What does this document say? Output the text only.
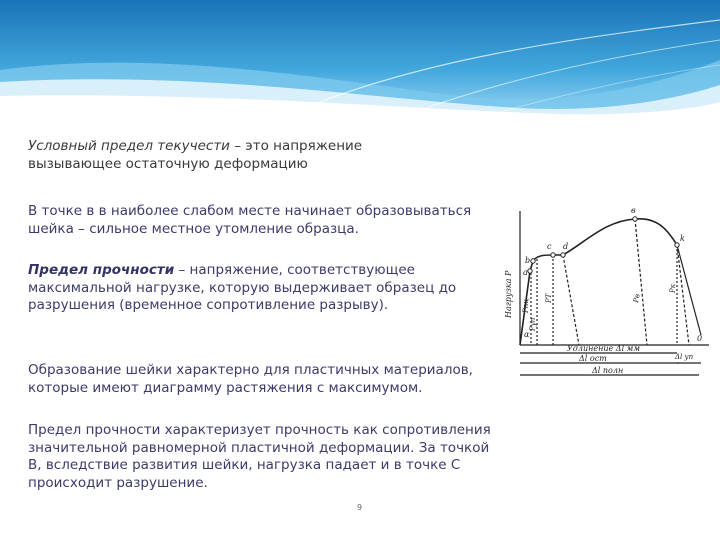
Условный предел текучести – это напряжение вызывающее остаточную деформацию
В точке в в наиболее слабом месте начинает образовываться шейка – сильное местное утомление образца.
Предел прочности – напряжение, соответствующее максимальной нагрузке, которую выдерживает образец до разрушения (временное сопротивление разрыву).
Образование шейки характерно для пластичных материалов, которые имеют диаграмму растяжения с максимумом.
Предел прочности характеризует прочность как сопротивления значительной равномерной пластичной деформации. За точкой В, вследствие развития шейки, нагрузка падает и в точке С происходит разрушение.
9
Нагрузка P
Удлинение Δl мм
Δl ост
Δl полн
Δl уп
Pпц
Pуп
PT	Pв
Pк
a
b
c d
в
k
0
α
